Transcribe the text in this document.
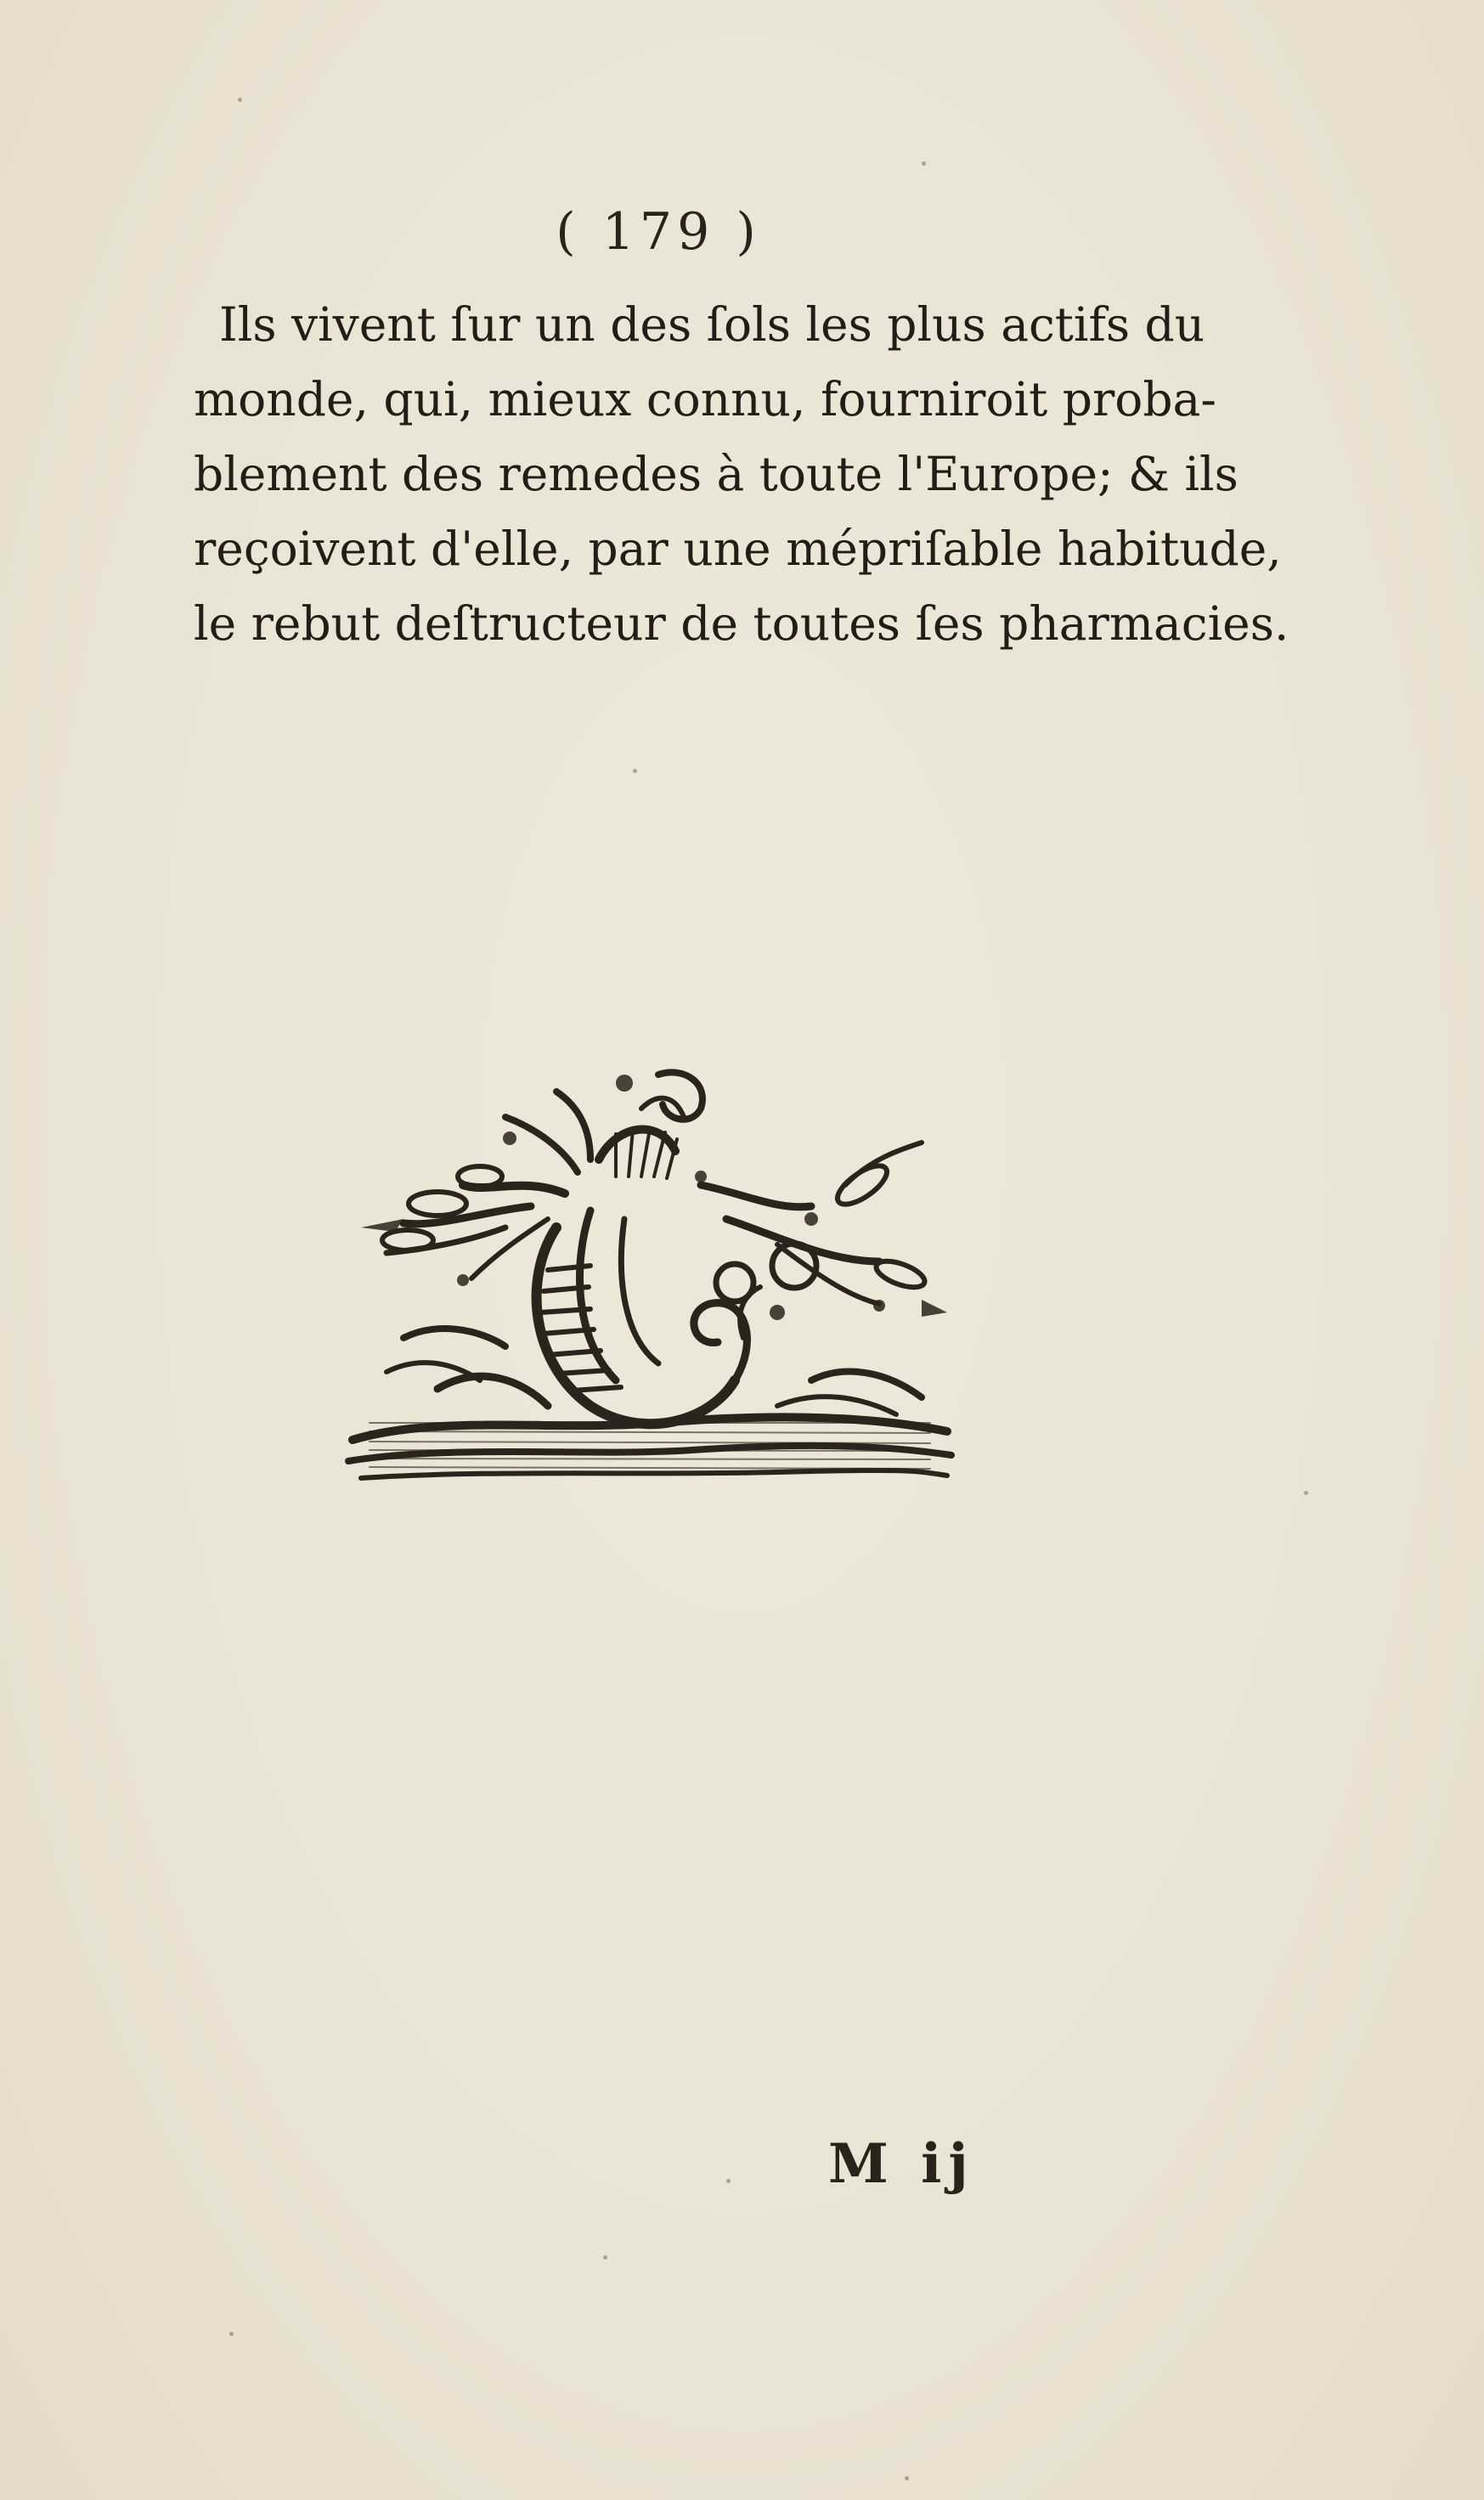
( 179 )
Ils vivent ſur un des ſols les plus actifs du
monde, qui, mieux connu, fourniroit proba-
blement des remedes à toute l'Europe; & ils
reçoivent d'elle, par une mépriſable habitude,
le rebut deſtructeur de toutes ſes pharmacies.
M ij
